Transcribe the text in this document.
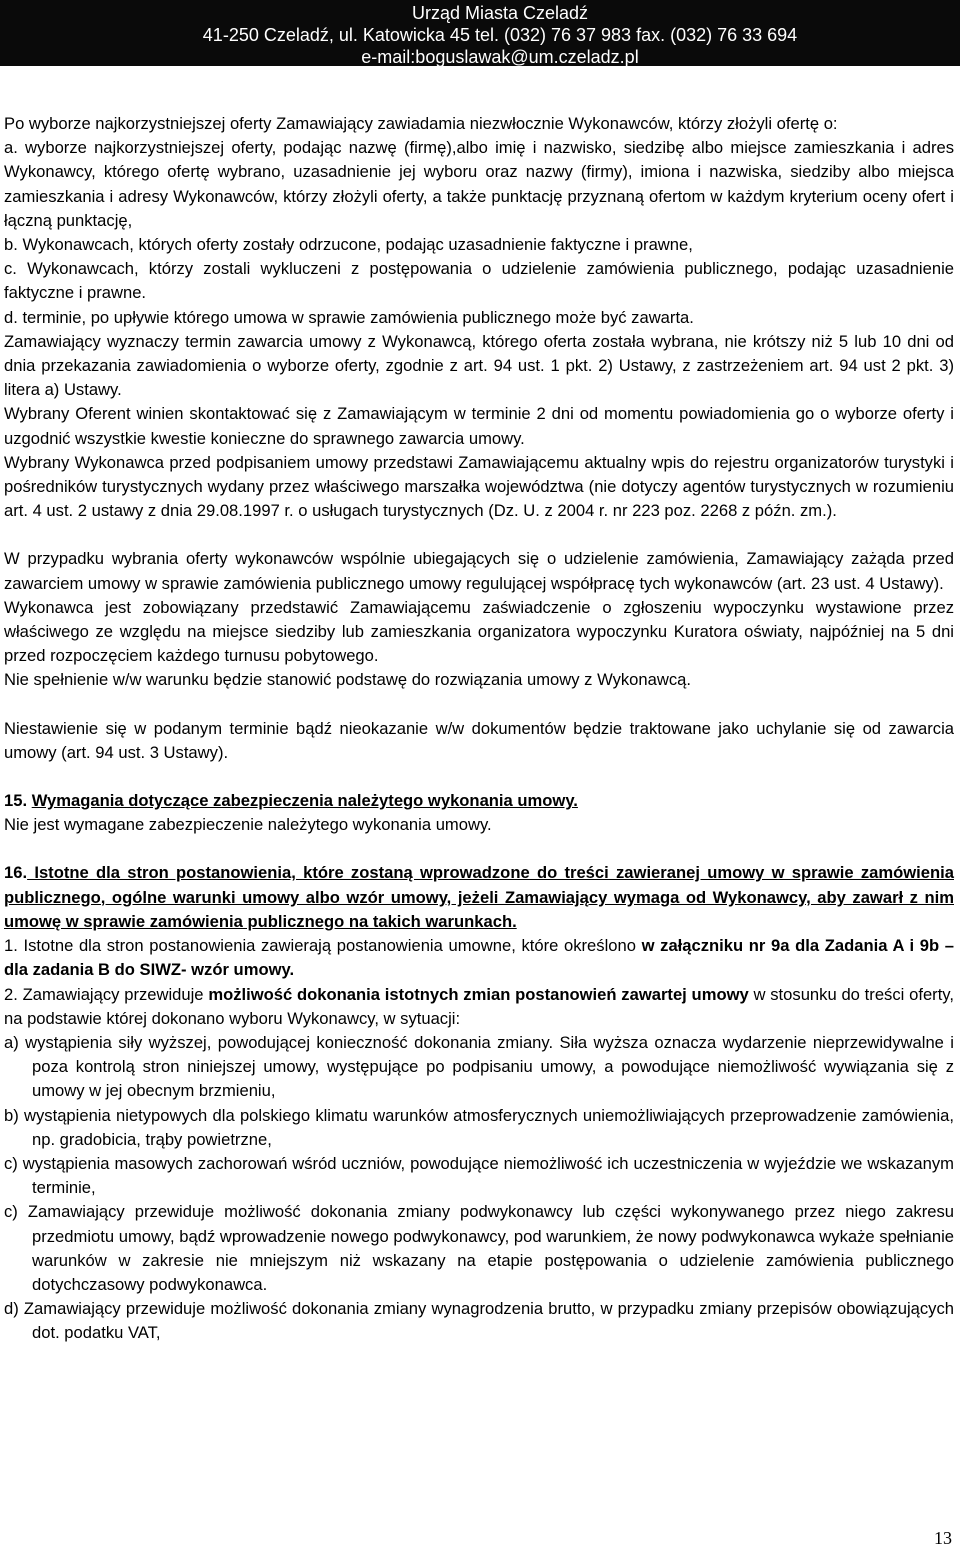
Urząd Miasta Czeladź
41-250 Czeladź, ul. Katowicka 45 tel. (032) 76 37 983 fax. (032) 76 33 694
e-mail:boguslawak@um.czeladz.pl

Po wyborze najkorzystniejszej oferty Zamawiający zawiadamia niezwłocznie Wykonawców, którzy złożyli ofertę o:

a. wyborze najkorzystniejszej oferty, podając nazwę (firmę),albo imię i nazwisko, siedzibę albo miejsce zamieszkania i adres Wykonawcy, którego ofertę wybrano, uzasadnienie jej wyboru oraz nazwy (firmy), imiona i nazwiska, siedziby albo miejsca zamieszkania i adresy Wykonawców, którzy złożyli oferty, a także punktację przyznaną ofertom w każdym kryterium oceny ofert i łączną punktację,

b. Wykonawcach, których oferty zostały odrzucone, podając uzasadnienie faktyczne i prawne,

c. Wykonawcach, którzy zostali wykluczeni z postępowania o udzielenie zamówienia publicznego, podając uzasadnienie faktyczne i prawne.

d. terminie, po upływie którego umowa w sprawie zamówienia publicznego może być zawarta.

Zamawiający wyznaczy termin zawarcia umowy z Wykonawcą, którego oferta została wybrana, nie krótszy niż 5 lub 10 dni od dnia przekazania zawiadomienia o wyborze oferty, zgodnie z art. 94 ust. 1 pkt. 2) Ustawy, z zastrzeżeniem art. 94 ust 2 pkt. 3) litera a) Ustawy.

Wybrany Oferent winien skontaktować się z Zamawiającym w terminie 2 dni od momentu powiadomienia go o wyborze oferty i uzgodnić wszystkie kwestie konieczne do sprawnego zawarcia umowy.

Wybrany Wykonawca przed podpisaniem umowy przedstawi Zamawiającemu aktualny wpis do rejestru organizatorów turystyki i pośredników turystycznych wydany przez właściwego marszałka województwa (nie dotyczy agentów turystycznych w rozumieniu art. 4 ust. 2 ustawy z dnia 29.08.1997 r. o usługach turystycznych (Dz. U. z 2004 r. nr 223 poz. 2268 z późn. zm.).

W przypadku wybrania oferty wykonawców wspólnie ubiegających się o udzielenie zamówienia, Zamawiający zażąda przed zawarciem umowy w sprawie zamówienia publicznego umowy regulującej współpracę tych wykonawców (art. 23 ust. 4 Ustawy).

Wykonawca jest zobowiązany przedstawić Zamawiającemu zaświadczenie o zgłoszeniu wypoczynku wystawione przez właściwego ze względu na miejsce siedziby lub zamieszkania organizatora wypoczynku Kuratora oświaty, najpóźniej na 5 dni przed rozpoczęciem każdego turnusu pobytowego.

Nie spełnienie w/w warunku będzie stanowić podstawę do rozwiązania umowy z Wykonawcą.

Niestawienie się w podanym terminie bądź nieokazanie w/w dokumentów będzie traktowane jako uchylanie się od zawarcia umowy (art. 94 ust. 3 Ustawy).

15. Wymagania dotyczące zabezpieczenia należytego wykonania umowy.

Nie jest wymagane zabezpieczenie należytego wykonania umowy.

16. Istotne dla stron postanowienia, które zostaną wprowadzone do treści zawieranej umowy w sprawie zamówienia publicznego, ogólne warunki umowy albo wzór umowy, jeżeli Zamawiający wymaga od Wykonawcy, aby zawarł z nim umowę w sprawie zamówienia publicznego na takich warunkach.

1. Istotne dla stron postanowienia zawierają postanowienia umowne, które określono w załączniku nr 9a dla Zadania A i 9b – dla zadania B do SIWZ- wzór umowy.

2. Zamawiający przewiduje możliwość dokonania istotnych zmian postanowień zawartej umowy w stosunku do treści oferty, na podstawie której dokonano wyboru Wykonawcy, w sytuacji:

a) wystąpienia siły wyższej, powodującej konieczność dokonania zmiany. Siła wyższa oznacza wydarzenie nieprzewidywalne i poza kontrolą stron niniejszej umowy, występujące po podpisaniu umowy, a powodujące niemożliwość wywiązania się z umowy w jej obecnym brzmieniu,

b) wystąpienia nietypowych dla polskiego klimatu warunków atmosferycznych uniemożliwiających przeprowadzenie zamówienia, np. gradobicia, trąby powietrzne,

c) wystąpienia masowych zachorowań wśród uczniów, powodujące niemożliwość ich uczestniczenia w wyjeździe we wskazanym terminie,

c) Zamawiający przewiduje możliwość dokonania zmiany podwykonawcy lub części wykonywanego przez niego zakresu przedmiotu umowy, bądź wprowadzenie nowego podwykonawcy, pod warunkiem, że nowy podwykonawca wykaże spełnianie warunków w zakresie nie mniejszym niż wskazany na etapie postępowania o udzielenie zamówienia publicznego dotychczasowy podwykonawca.

d) Zamawiający przewiduje możliwość dokonania zmiany wynagrodzenia brutto, w przypadku zmiany przepisów obowiązujących dot. podatku VAT,

13
